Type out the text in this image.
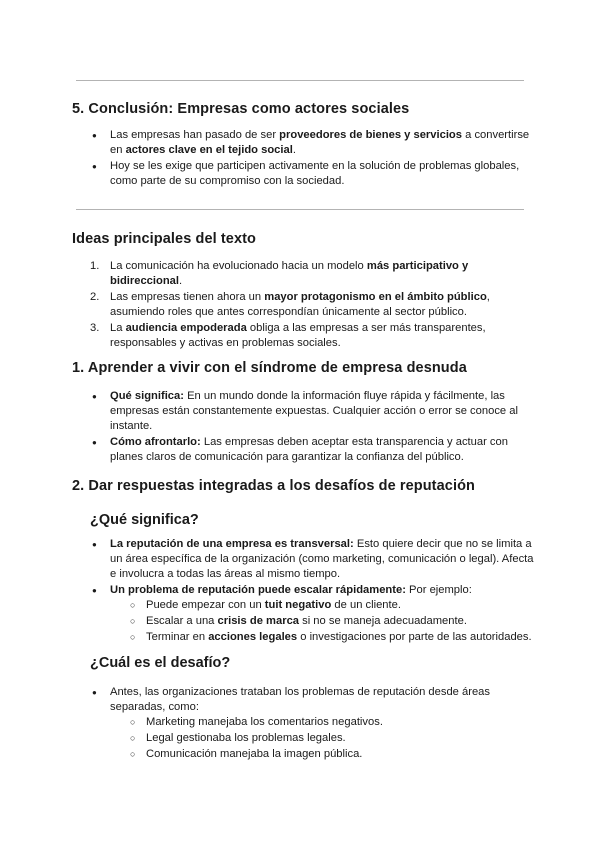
5. Conclusión: Empresas como actores sociales
● Las empresas han pasado de ser proveedores de bienes y servicios a convertirse en actores clave en el tejido social.
● Hoy se les exige que participen activamente en la solución de problemas globales, como parte de su compromiso con la sociedad.
Ideas principales del texto
1. La comunicación ha evolucionado hacia un modelo más participativo y bidireccional.
2. Las empresas tienen ahora un mayor protagonismo en el ámbito público, asumiendo roles que antes correspondían únicamente al sector público.
3. La audiencia empoderada obliga a las empresas a ser más transparentes, responsables y activas en problemas sociales.
1. Aprender a vivir con el síndrome de empresa desnuda
● Qué significa: En un mundo donde la información fluye rápida y fácilmente, las empresas están constantemente expuestas. Cualquier acción o error se conoce al instante.
● Cómo afrontarlo: Las empresas deben aceptar esta transparencia y actuar con planes claros de comunicación para garantizar la confianza del público.
2. Dar respuestas integradas a los desafíos de reputación
¿Qué significa?
● La reputación de una empresa es transversal: Esto quiere decir que no se limita a un área específica de la organización (como marketing, comunicación o legal). Afecta e involucra a todas las áreas al mismo tiempo.
● Un problema de reputación puede escalar rápidamente: Por ejemplo:
○ Puede empezar con un tuit negativo de un cliente.
○ Escalar a una crisis de marca si no se maneja adecuadamente.
○ Terminar en acciones legales o investigaciones por parte de las autoridades.
¿Cuál es el desafío?
● Antes, las organizaciones trataban los problemas de reputación desde áreas separadas, como:
○ Marketing manejaba los comentarios negativos.
○ Legal gestionaba los problemas legales.
○ Comunicación manejaba la imagen pública.
